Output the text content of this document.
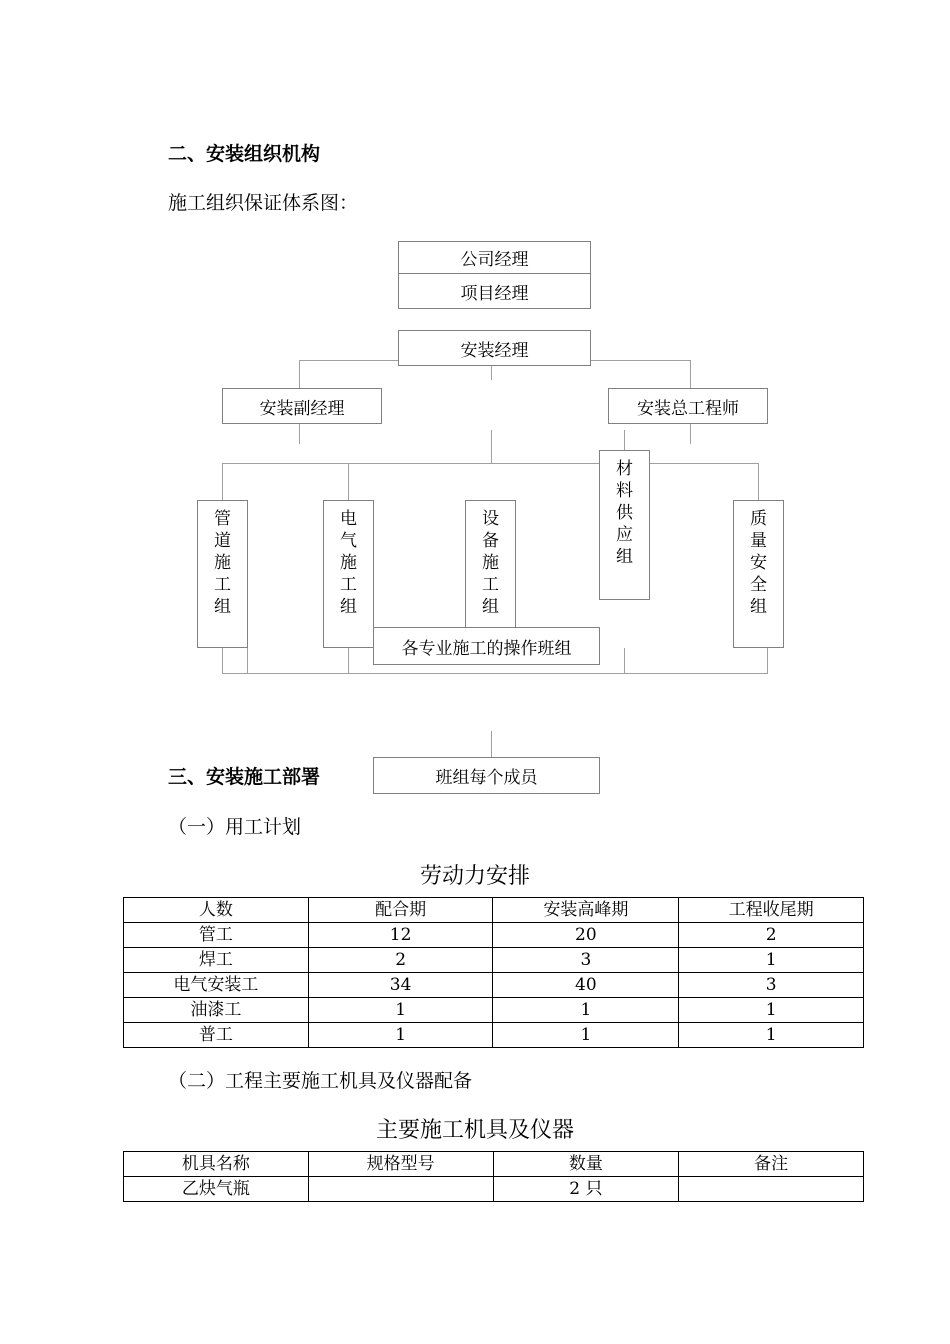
二、安装组织机构
施工组织保证体系图：
公司经理
项目经理
安装经理
安装副经理	安装总工程师
管
道
施
工
组
电
气
施
工
组
设
备
施
工
组
材
料
供
应
组
质
量
安
全
组
各专业施工的操作班组
班组每个成员
三、安装施工部署
（一）用工计划
劳动力安排
人数	配合期	安装高峰期	工程收尾期
管工	12	20	2
焊工	2	3	1
电气安装工	34	40	3
油漆工	1	1	1
普工	1	1	1
（二）工程主要施工机具及仪器配备
主要施工机具及仪器
机具名称	规格型号	数量	备注
乙炔气瓶		2 只	
